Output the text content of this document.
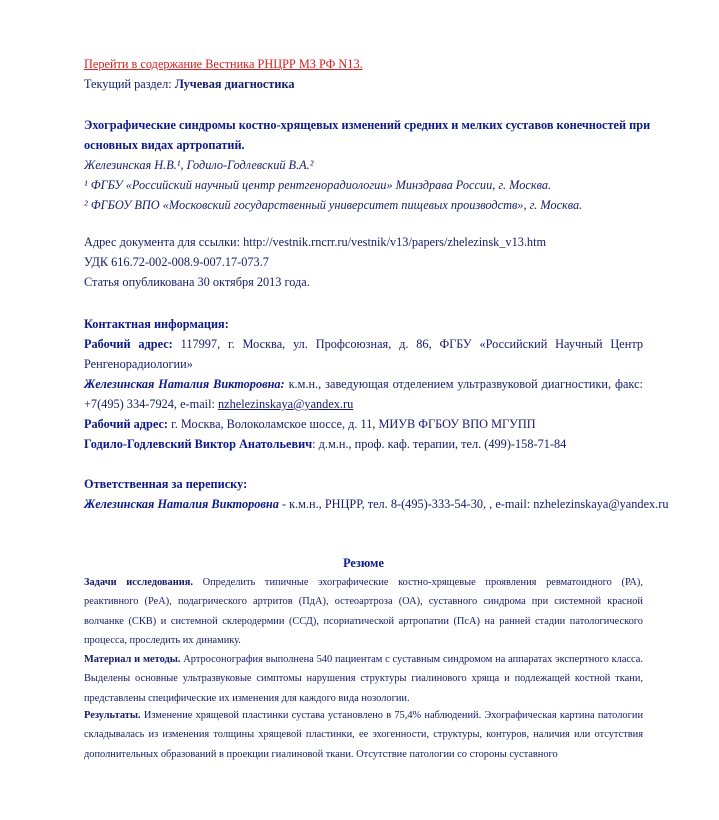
Перейти в содержание Вестника РНЦРР МЗ РФ N13.
Текущий раздел: Лучевая диагностика
Эхографические синдромы костно-хрящевых изменений средних и мелких суставов конечностей при
основных видах артропатий.
Железинская Н.В.¹, Годило-Годлевский В.А.²
¹ ФГБУ «Российский научный центр рентгенорадиологии» Минздрава России, г. Москва.
² ФГБОУ ВПО «Московский государственный университет пищевых производств», г. Москва.
Адрес документа для ссылки: http://vestnik.rncrr.ru/vestnik/v13/papers/zhelezinsk_v13.htm
УДК 616.72-002-008.9-007.17-073.7
Статья опубликована 30 октября 2013 года.
Контактная информация:
Рабочий адрес: 117997, г. Москва, ул. Профсоюзная, д. 86, ФГБУ «Российский Научный Центр
Ренгенорадиологии»
Железинская Наталия Викторовна: к.м.н., заведующая отделением ультразвуковой диагностики, факс:
+7(495) 334-7924, e-mail: nzhelezinskaya@yandex.ru
Рабочий адрес: г. Москва, Волоколамское шоссе, д. 11, МИУВ ФГБОУ ВПО МГУПП
Годило-Годлевский Виктор Анатольевич: д.м.н., проф. каф. терапии, тел. (499)-158-71-84
Ответственная за переписку:
Железинская Наталия Викторовна - к.м.н., РНЦРР, тел. 8-(495)-333-54-30, , e-mail: nzhelezinskaya@yandex.ru
Резюме
Задачи исследования. Определить типичные эхографические костно-хрящевые проявления ревматоидного (РА), реактивного (РеА), подагрического артритов (ПдА), остеоартроза (ОА), суставного синдрома при системной красной волчанке (СКВ) и системной склеродермии (ССД), псориатической артропатии (ПсА) на ранней стадии патологического процесса, проследить их динамику.
Материал и методы. Артросонография выполнена 540 пациентам с суставным синдромом на аппаратах экспертного класса. Выделены основные ультразвуковые симптомы нарушения структуры гиалинового хряща и подлежащей костной ткани, представлены специфические их изменения для каждого вида нозологии.
Результаты. Изменение хрящевой пластинки сустава установлено в 75,4% наблюдений. Эхографическая картина патологии складывалась из изменения толщины хрящевой пластинки, ее эхогенности, структуры, контуров, наличия или отсутствия дополнительных образований в проекции гиалиновой ткани. Отсутствие патологии со стороны суставного
